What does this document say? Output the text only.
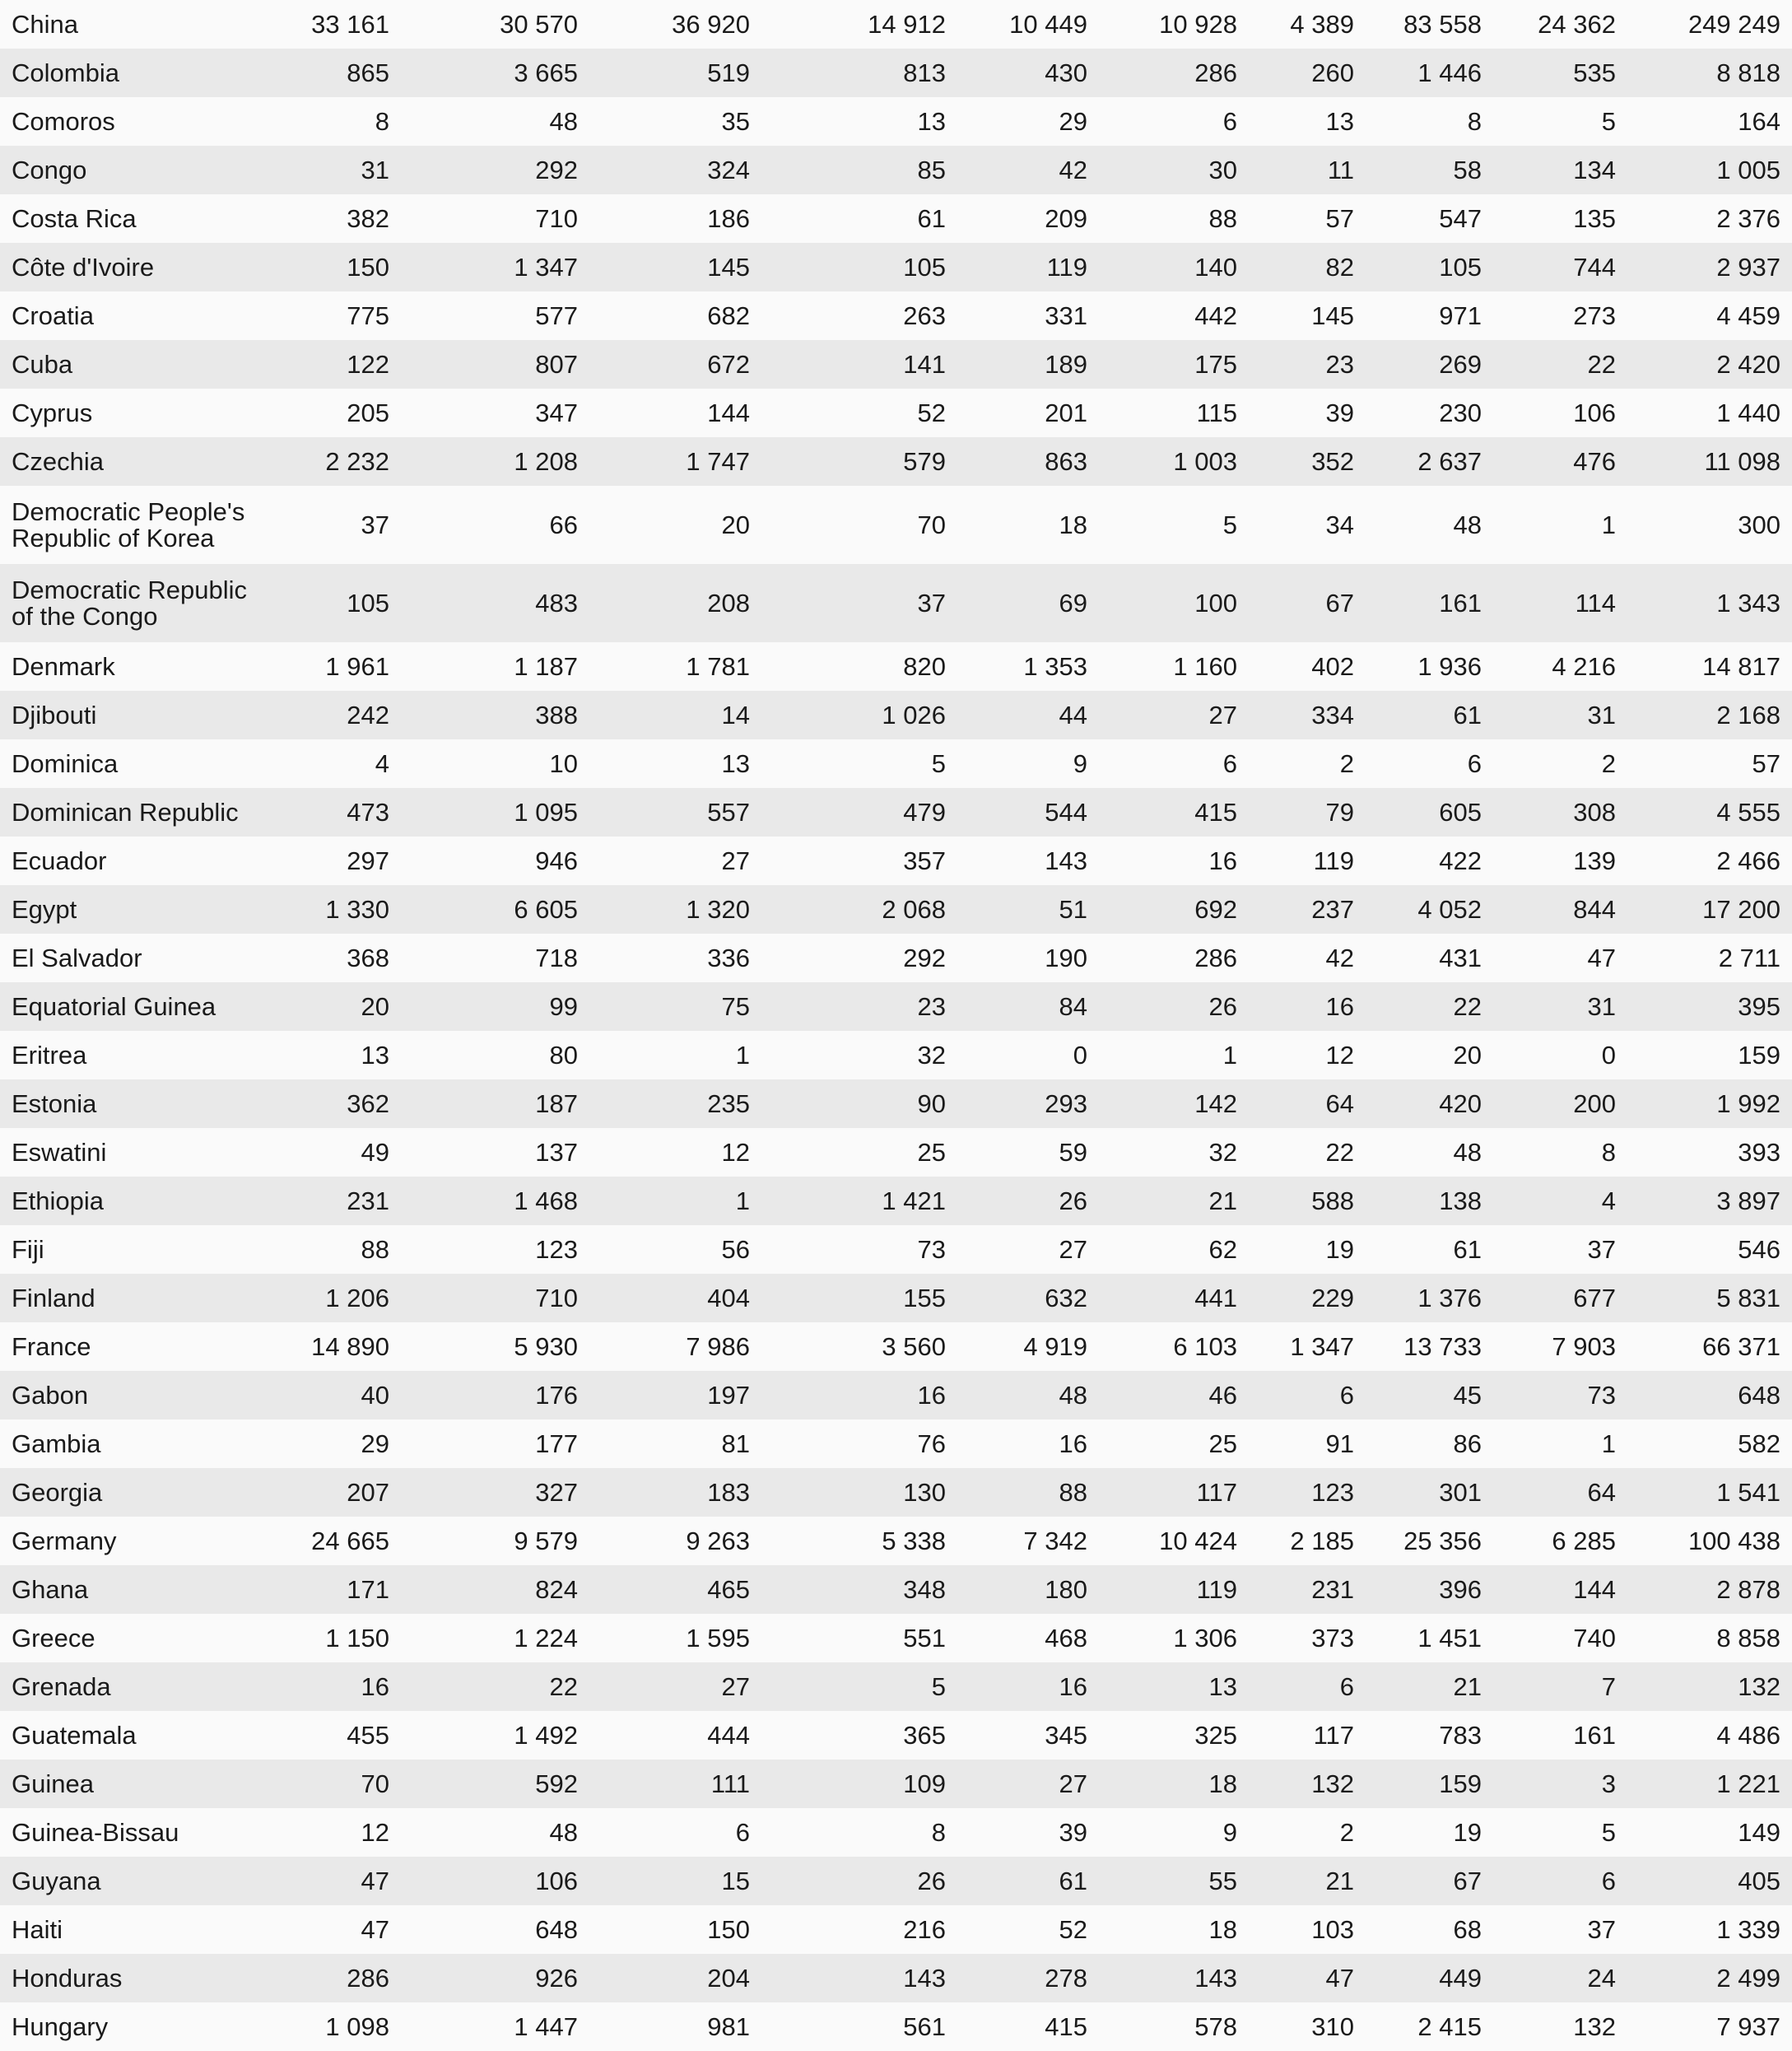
China	33 161	30 570	36 920	14 912	10 449	10 928	4 389	83 558	24 362	249 249
Colombia	865	3 665	519	813	430	286	260	1 446	535	8 818
Comoros	8	48	35	13	29	6	13	8	5	164
Congo	31	292	324	85	42	30	11	58	134	1 005
Costa Rica	382	710	186	61	209	88	57	547	135	2 376
Côte d'Ivoire	150	1 347	145	105	119	140	82	105	744	2 937
Croatia	775	577	682	263	331	442	145	971	273	4 459
Cuba	122	807	672	141	189	175	23	269	22	2 420
Cyprus	205	347	144	52	201	115	39	230	106	1 440
Czechia	2 232	1 208	1 747	579	863	1 003	352	2 637	476	11 098
Democratic People's Republic of Korea	37	66	20	70	18	5	34	48	1	300
Democratic Republic of the Congo	105	483	208	37	69	100	67	161	114	1 343
Denmark	1 961	1 187	1 781	820	1 353	1 160	402	1 936	4 216	14 817
Djibouti	242	388	14	1 026	44	27	334	61	31	2 168
Dominica	4	10	13	5	9	6	2	6	2	57
Dominican Republic	473	1 095	557	479	544	415	79	605	308	4 555
Ecuador	297	946	27	357	143	16	119	422	139	2 466
Egypt	1 330	6 605	1 320	2 068	51	692	237	4 052	844	17 200
El Salvador	368	718	336	292	190	286	42	431	47	2 711
Equatorial Guinea	20	99	75	23	84	26	16	22	31	395
Eritrea	13	80	1	32	0	1	12	20	0	159
Estonia	362	187	235	90	293	142	64	420	200	1 992
Eswatini	49	137	12	25	59	32	22	48	8	393
Ethiopia	231	1 468	1	1 421	26	21	588	138	4	3 897
Fiji	88	123	56	73	27	62	19	61	37	546
Finland	1 206	710	404	155	632	441	229	1 376	677	5 831
France	14 890	5 930	7 986	3 560	4 919	6 103	1 347	13 733	7 903	66 371
Gabon	40	176	197	16	48	46	6	45	73	648
Gambia	29	177	81	76	16	25	91	86	1	582
Georgia	207	327	183	130	88	117	123	301	64	1 541
Germany	24 665	9 579	9 263	5 338	7 342	10 424	2 185	25 356	6 285	100 438
Ghana	171	824	465	348	180	119	231	396	144	2 878
Greece	1 150	1 224	1 595	551	468	1 306	373	1 451	740	8 858
Grenada	16	22	27	5	16	13	6	21	7	132
Guatemala	455	1 492	444	365	345	325	117	783	161	4 486
Guinea	70	592	111	109	27	18	132	159	3	1 221
Guinea-Bissau	12	48	6	8	39	9	2	19	5	149
Guyana	47	106	15	26	61	55	21	67	6	405
Haiti	47	648	150	216	52	18	103	68	37	1 339
Honduras	286	926	204	143	278	143	47	449	24	2 499
Hungary	1 098	1 447	981	561	415	578	310	2 415	132	7 937
